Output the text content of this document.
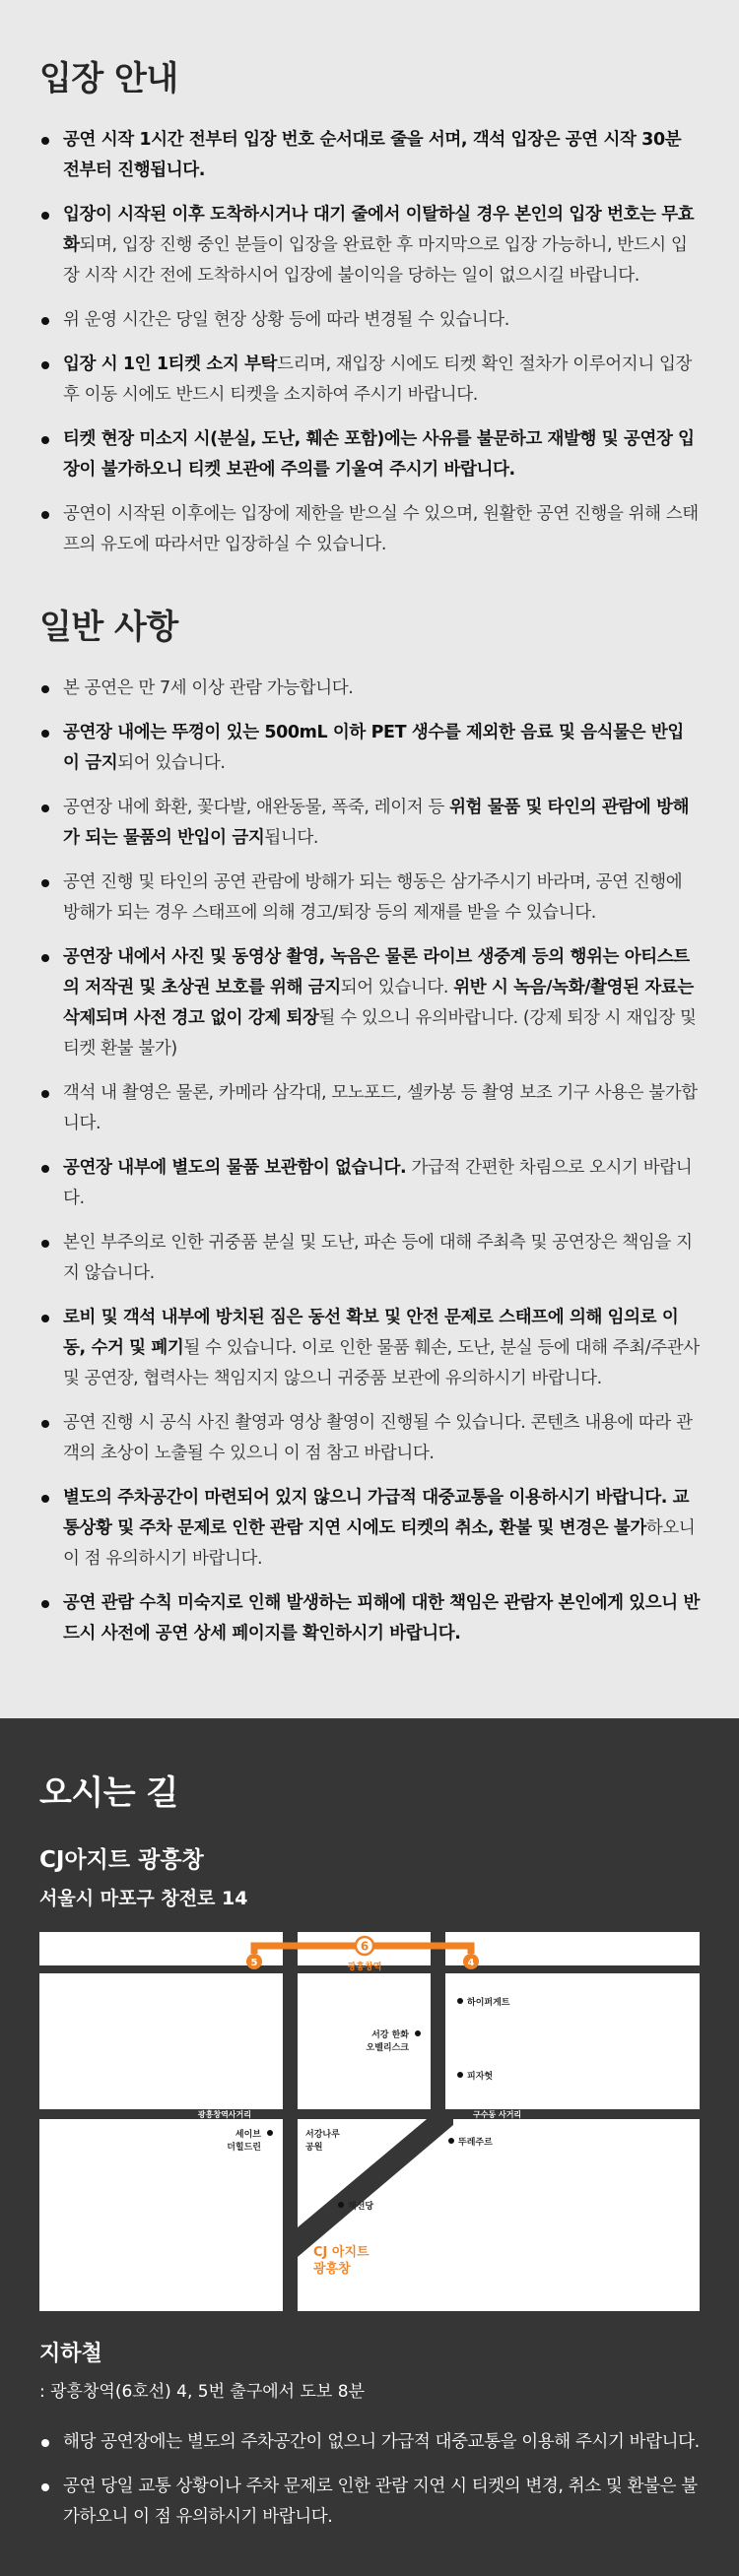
입장 안내
공연 시작 1시간 전부터 입장 번호 순서대로 줄을 서며, 객석 입장은 공연 시작 30분 전부터 진행됩니다.
입장이 시작된 이후 도착하시거나 대기 줄에서 이탈하실 경우 본인의 입장 번호는 무효화되며, 입장 진행 중인 분들이 입장을 완료한 후 마지막으로 입장 가능하니, 반드시 입장 시작 시간 전에 도착하시어 입장에 불이익을 당하는 일이 없으시길 바랍니다.
위 운영 시간은 당일 현장 상황 등에 따라 변경될 수 있습니다.
입장 시 1인 1티켓 소지 부탁드리며, 재입장 시에도 티켓 확인 절차가 이루어지니 입장 후 이동 시에도 반드시 티켓을 소지하여 주시기 바랍니다.
티켓 현장 미소지 시(분실, 도난, 훼손 포함)에는 사유를 불문하고 재발행 및 공연장 입장이 불가하오니 티켓 보관에 주의를 기울여 주시기 바랍니다.
공연이 시작된 이후에는 입장에 제한을 받으실 수 있으며, 원활한 공연 진행을 위해 스태프의 유도에 따라서만 입장하실 수 있습니다.
일반 사항
본 공연은 만 7세 이상 관람 가능합니다.
공연장 내에는 뚜껑이 있는 500mL 이하 PET 생수를 제외한 음료 및 음식물은 반입이 금지되어 있습니다.
공연장 내에 화환, 꽃다발, 애완동물, 폭죽, 레이저 등 위험 물품 및 타인의 관람에 방해가 되는 물품의 반입이 금지됩니다.
공연 진행 및 타인의 공연 관람에 방해가 되는 행동은 삼가주시기 바라며, 공연 진행에 방해가 되는 경우 스태프에 의해 경고/퇴장 등의 제재를 받을 수 있습니다.
공연장 내에서 사진 및 동영상 촬영, 녹음은 물론 라이브 생중계 등의 행위는 아티스트의 저작권 및 초상권 보호를 위해 금지되어 있습니다. 위반 시 녹음/녹화/촬영된 자료는 삭제되며 사전 경고 없이 강제 퇴장될 수 있으니 유의바랍니다. (강제 퇴장 시 재입장 및 티켓 환불 불가)
객석 내 촬영은 물론, 카메라 삼각대, 모노포드, 셀카봉 등 촬영 보조 기구 사용은 불가합니다.
공연장 내부에 별도의 물품 보관함이 없습니다. 가급적 간편한 차림으로 오시기 바랍니다.
본인 부주의로 인한 귀중품 분실 및 도난, 파손 등에 대해 주최측 및 공연장은 책임을 지지 않습니다.
로비 및 객석 내부에 방치된 짐은 동선 확보 및 안전 문제로 스태프에 의해 임의로 이동, 수거 및 폐기될 수 있습니다. 이로 인한 물품 훼손, 도난, 분실 등에 대해 주최/주관사 및 공연장, 협력사는 책임지지 않으니 귀중품 보관에 유의하시기 바랍니다.
공연 진행 시 공식 사진 촬영과 영상 촬영이 진행될 수 있습니다. 콘텐츠 내용에 따라 관객의 초상이 노출될 수 있으니 이 점 참고 바랍니다.
별도의 주차공간이 마련되어 있지 않으니 가급적 대중교통을 이용하시기 바랍니다. 교통상황 및 주차 문제로 인한 관람 지연 시에도 티켓의 취소, 환불 및 변경은 불가하오니 이 점 유의하시기 바랍니다.
공연 관람 수칙 미숙지로 인해 발생하는 피해에 대한 책임은 관람자 본인에게 있으니 반드시 사전에 공연 상세 페이지를 확인하시기 바랍니다.
오시는 길
CJ아지트 광흥창
서울시 마포구 창전로 14
6
광흥창역
5	4
하이퍼게트
피자헛
서강 한화
오벨리스크
광흥창역사거리	구수동 사거리
세이브
더힐드린
서강나루
공원	뚜레주르
채선당
CJ 아지트
광흥창
지하철
: 광흥창역(6호선) 4, 5번 출구에서 도보 8분
해당 공연장에는 별도의 주차공간이 없으니 가급적 대중교통을 이용해 주시기 바랍니다.
공연 당일 교통 상황이나 주차 문제로 인한 관람 지연 시 티켓의 변경, 취소 및 환불은 불가하오니 이 점 유의하시기 바랍니다.
